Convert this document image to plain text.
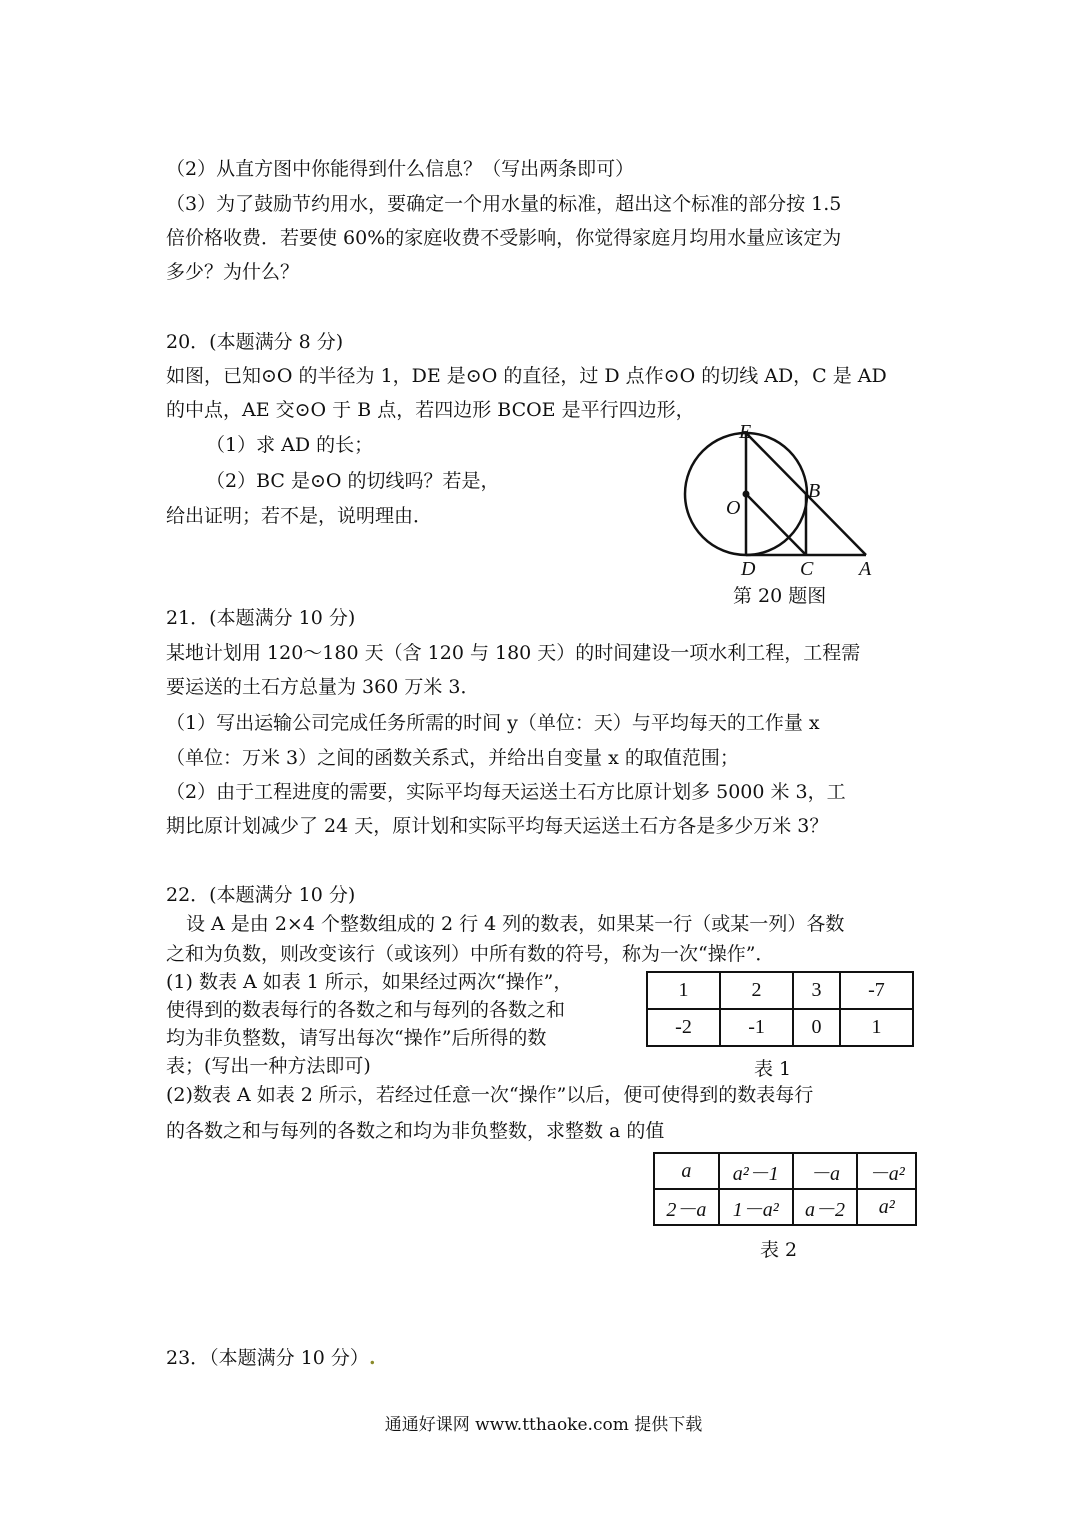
（2）从直方图中你能得到什么信息？（写出两条即可）
（3）为了鼓励节约用水，要确定一个用水量的标准，超出这个标准的部分按 1.5
倍价格收费．若要使 60%的家庭收费不受影响，你觉得家庭月均用水量应该定为
多少？为什么？
20．(本题满分 8 分)
如图，已知⊙O 的半径为 1，DE 是⊙O 的直径，过 D 点作⊙O 的切线 AD，C 是 AD
的中点，AE 交⊙O 于 B 点，若四边形 BCOE 是平行四边形，
（1）求 AD 的长；
（2）BC 是⊙O 的切线吗？若是，
给出证明；若不是，说明理由．
E
B
O
D C A
第 20 题图
21．(本题满分 10 分)
某地计划用 120～180 天（含 120 与 180 天）的时间建设一项水利工程，工程需
要运送的土石方总量为 360 万米 3．
（1）写出运输公司完成任务所需的时间 y（单位：天）与平均每天的工作量 x
（单位：万米 3）之间的函数关系式，并给出自变量 x 的取值范围；
（2）由于工程进度的需要，实际平均每天运送土石方比原计划多 5000 米 3，工
期比原计划减少了 24 天，原计划和实际平均每天运送土石方各是多少万米 3？
22．(本题满分 10 分)
设 A 是由 2×4 个整数组成的 2 行 4 列的数表，如果某一行（或某一列）各数
之和为负数，则改变该行（或该列）中所有数的符号，称为一次“操作”．
(1) 数表 A 如表 1 所示，如果经过两次“操作”，
使得到的数表每行的各数之和与每列的各数之和
均为非负整数，请写出每次“操作”后所得的数
表；(写出一种方法即可)
(2)数表 A 如表 2 所示，若经过任意一次“操作”以后，便可使得到的数表每行
的各数之和与每列的各数之和均为非负整数，求整数 a 的值
1	2	3	-7
-2	-1	0	1
表 1
a	a²－1	－a	－a²
2－a	1－a²	a－2	a²
表 2
23．（本题满分 10 分）.
通通好课网 www.tthaoke.com 提供下载
